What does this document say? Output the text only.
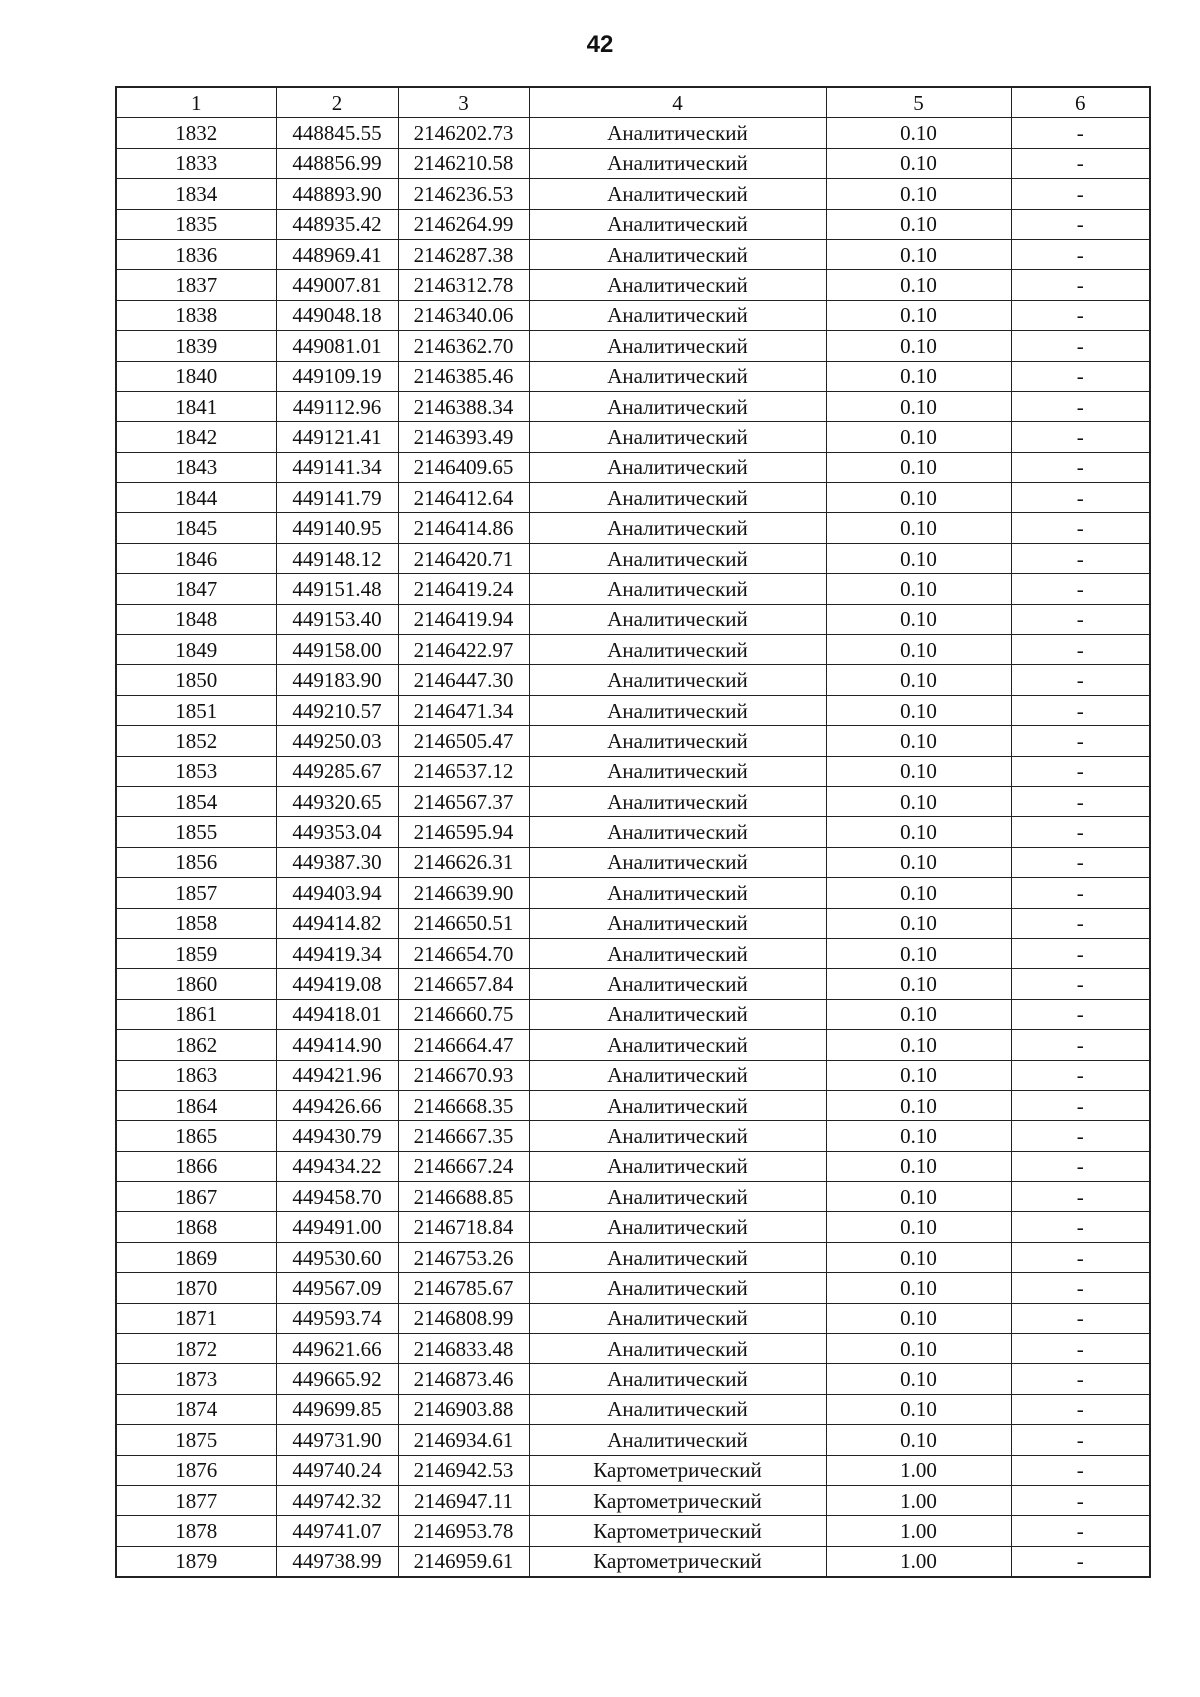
42
1	2	3	4	5	6
1832	448845.55	2146202.73	Аналитический	0.10	-
1833	448856.99	2146210.58	Аналитический	0.10	-
1834	448893.90	2146236.53	Аналитический	0.10	-
1835	448935.42	2146264.99	Аналитический	0.10	-
1836	448969.41	2146287.38	Аналитический	0.10	-
1837	449007.81	2146312.78	Аналитический	0.10	-
1838	449048.18	2146340.06	Аналитический	0.10	-
1839	449081.01	2146362.70	Аналитический	0.10	-
1840	449109.19	2146385.46	Аналитический	0.10	-
1841	449112.96	2146388.34	Аналитический	0.10	-
1842	449121.41	2146393.49	Аналитический	0.10	-
1843	449141.34	2146409.65	Аналитический	0.10	-
1844	449141.79	2146412.64	Аналитический	0.10	-
1845	449140.95	2146414.86	Аналитический	0.10	-
1846	449148.12	2146420.71	Аналитический	0.10	-
1847	449151.48	2146419.24	Аналитический	0.10	-
1848	449153.40	2146419.94	Аналитический	0.10	-
1849	449158.00	2146422.97	Аналитический	0.10	-
1850	449183.90	2146447.30	Аналитический	0.10	-
1851	449210.57	2146471.34	Аналитический	0.10	-
1852	449250.03	2146505.47	Аналитический	0.10	-
1853	449285.67	2146537.12	Аналитический	0.10	-
1854	449320.65	2146567.37	Аналитический	0.10	-
1855	449353.04	2146595.94	Аналитический	0.10	-
1856	449387.30	2146626.31	Аналитический	0.10	-
1857	449403.94	2146639.90	Аналитический	0.10	-
1858	449414.82	2146650.51	Аналитический	0.10	-
1859	449419.34	2146654.70	Аналитический	0.10	-
1860	449419.08	2146657.84	Аналитический	0.10	-
1861	449418.01	2146660.75	Аналитический	0.10	-
1862	449414.90	2146664.47	Аналитический	0.10	-
1863	449421.96	2146670.93	Аналитический	0.10	-
1864	449426.66	2146668.35	Аналитический	0.10	-
1865	449430.79	2146667.35	Аналитический	0.10	-
1866	449434.22	2146667.24	Аналитический	0.10	-
1867	449458.70	2146688.85	Аналитический	0.10	-
1868	449491.00	2146718.84	Аналитический	0.10	-
1869	449530.60	2146753.26	Аналитический	0.10	-
1870	449567.09	2146785.67	Аналитический	0.10	-
1871	449593.74	2146808.99	Аналитический	0.10	-
1872	449621.66	2146833.48	Аналитический	0.10	-
1873	449665.92	2146873.46	Аналитический	0.10	-
1874	449699.85	2146903.88	Аналитический	0.10	-
1875	449731.90	2146934.61	Аналитический	0.10	-
1876	449740.24	2146942.53	Картометрический	1.00	-
1877	449742.32	2146947.11	Картометрический	1.00	-
1878	449741.07	2146953.78	Картометрический	1.00	-
1879	449738.99	2146959.61	Картометрический	1.00	-
